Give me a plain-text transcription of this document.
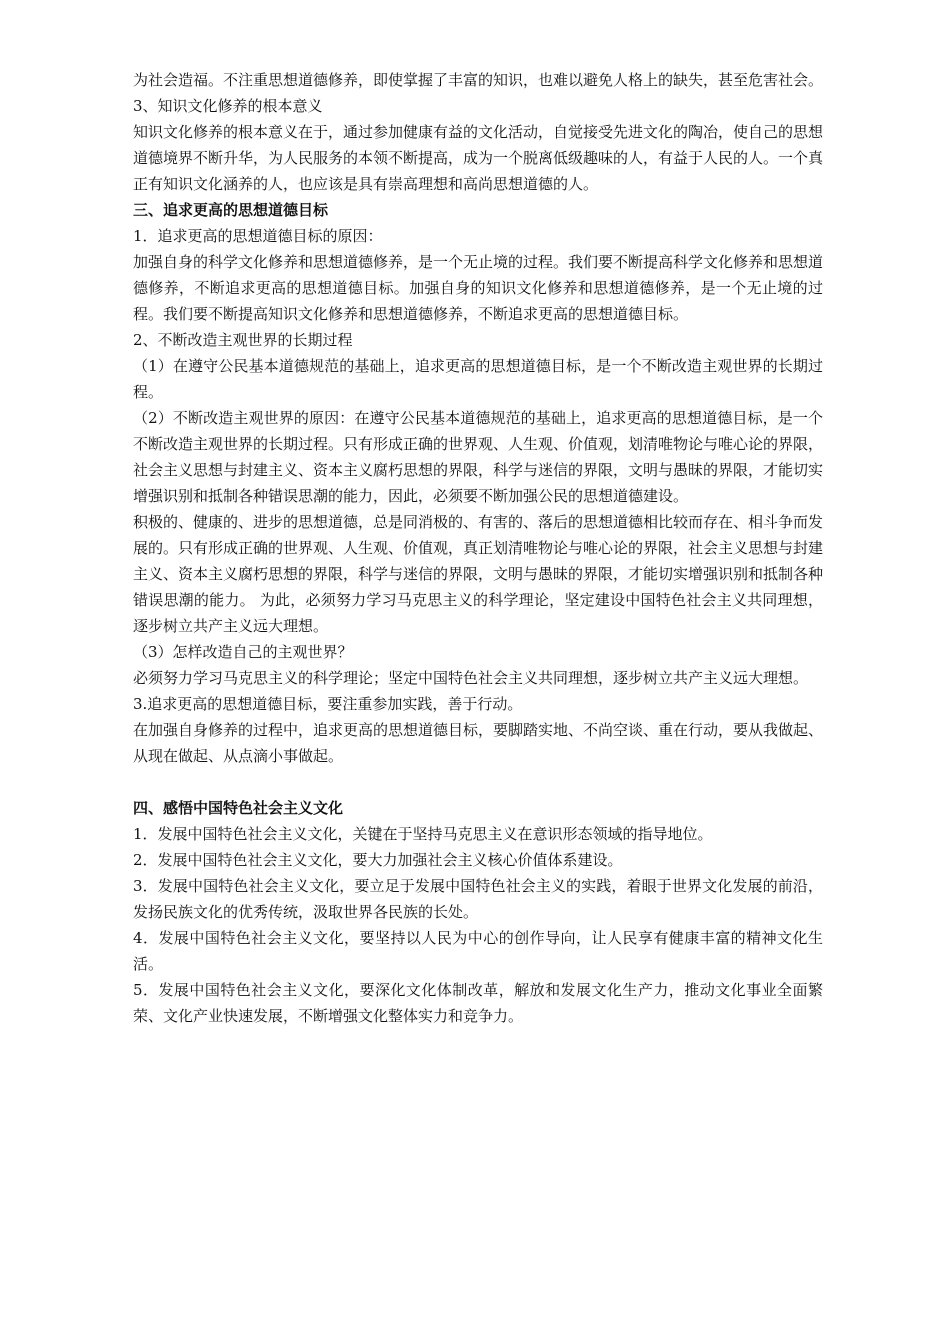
为社会造福。不注重思想道德修养，即使掌握了丰富的知识，也难以避免人格上的缺失，甚至危害社会。

3、知识文化修养的根本意义

知识文化修养的根本意义在于，通过参加健康有益的文化活动，自觉接受先进文化的陶冶，使自己的思想道德境界不断升华，为人民服务的本领不断提高，成为一个脱离低级趣味的人，有益于人民的人。一个真正有知识文化涵养的人，也应该是具有崇高理想和高尚思想道德的人。

三、追求更高的思想道德目标

1．追求更高的思想道德目标的原因：

加强自身的科学文化修养和思想道德修养，是一个无止境的过程。我们要不断提高科学文化修养和思想道德修养，不断追求更高的思想道德目标。加强自身的知识文化修养和思想道德修养，是一个无止境的过程。我们要不断提高知识文化修养和思想道德修养，不断追求更高的思想道德目标。

2、不断改造主观世界的长期过程

（1）在遵守公民基本道德规范的基础上，追求更高的思想道德目标，是一个不断改造主观世界的长期过程。

（2）不断改造主观世界的原因：在遵守公民基本道德规范的基础上，追求更高的思想道德目标，是一个不断改造主观世界的长期过程。只有形成正确的世界观、人生观、价值观，划清唯物论与唯心论的界限，社会主义思想与封建主义、资本主义腐朽思想的界限，科学与迷信的界限，文明与愚昧的界限，才能切实增强识别和抵制各种错误思潮的能力，因此，必须要不断加强公民的思想道德建设。

积极的、健康的、进步的思想道德，总是同消极的、有害的、落后的思想道德相比较而存在、相斗争而发展的。只有形成正确的世界观、人生观、价值观，真正划清唯物论与唯心论的界限，社会主义思想与封建主义、资本主义腐朽思想的界限，科学与迷信的界限，文明与愚昧的界限，才能切实增强识别和抵制各种错误思潮的能力。 为此，必须努力学习马克思主义的科学理论，坚定建设中国特色社会主义共同理想，逐步树立共产主义远大理想。

（3）怎样改造自己的主观世界？

必须努力学习马克思主义的科学理论；坚定中国特色社会主义共同理想，逐步树立共产主义远大理想。

3.追求更高的思想道德目标，要注重参加实践，善于行动。

在加强自身修养的过程中，追求更高的思想道德目标，要脚踏实地、不尚空谈、重在行动，要从我做起、从现在做起、从点滴小事做起。

四、感悟中国特色社会主义文化

1．发展中国特色社会主义文化，关键在于坚持马克思主义在意识形态领域的指导地位。

2．发展中国特色社会主义文化，要大力加强社会主义核心价值体系建设。

3．发展中国特色社会主义文化，要立足于发展中国特色社会主义的实践，着眼于世界文化发展的前沿，发扬民族文化的优秀传统，汲取世界各民族的长处。

4．发展中国特色社会主义文化，要坚持以人民为中心的创作导向，让人民享有健康丰富的精神文化生活。

5．发展中国特色社会主义文化，要深化文化体制改革，解放和发展文化生产力，推动文化事业全面繁荣、文化产业快速发展，不断增强文化整体实力和竞争力。
